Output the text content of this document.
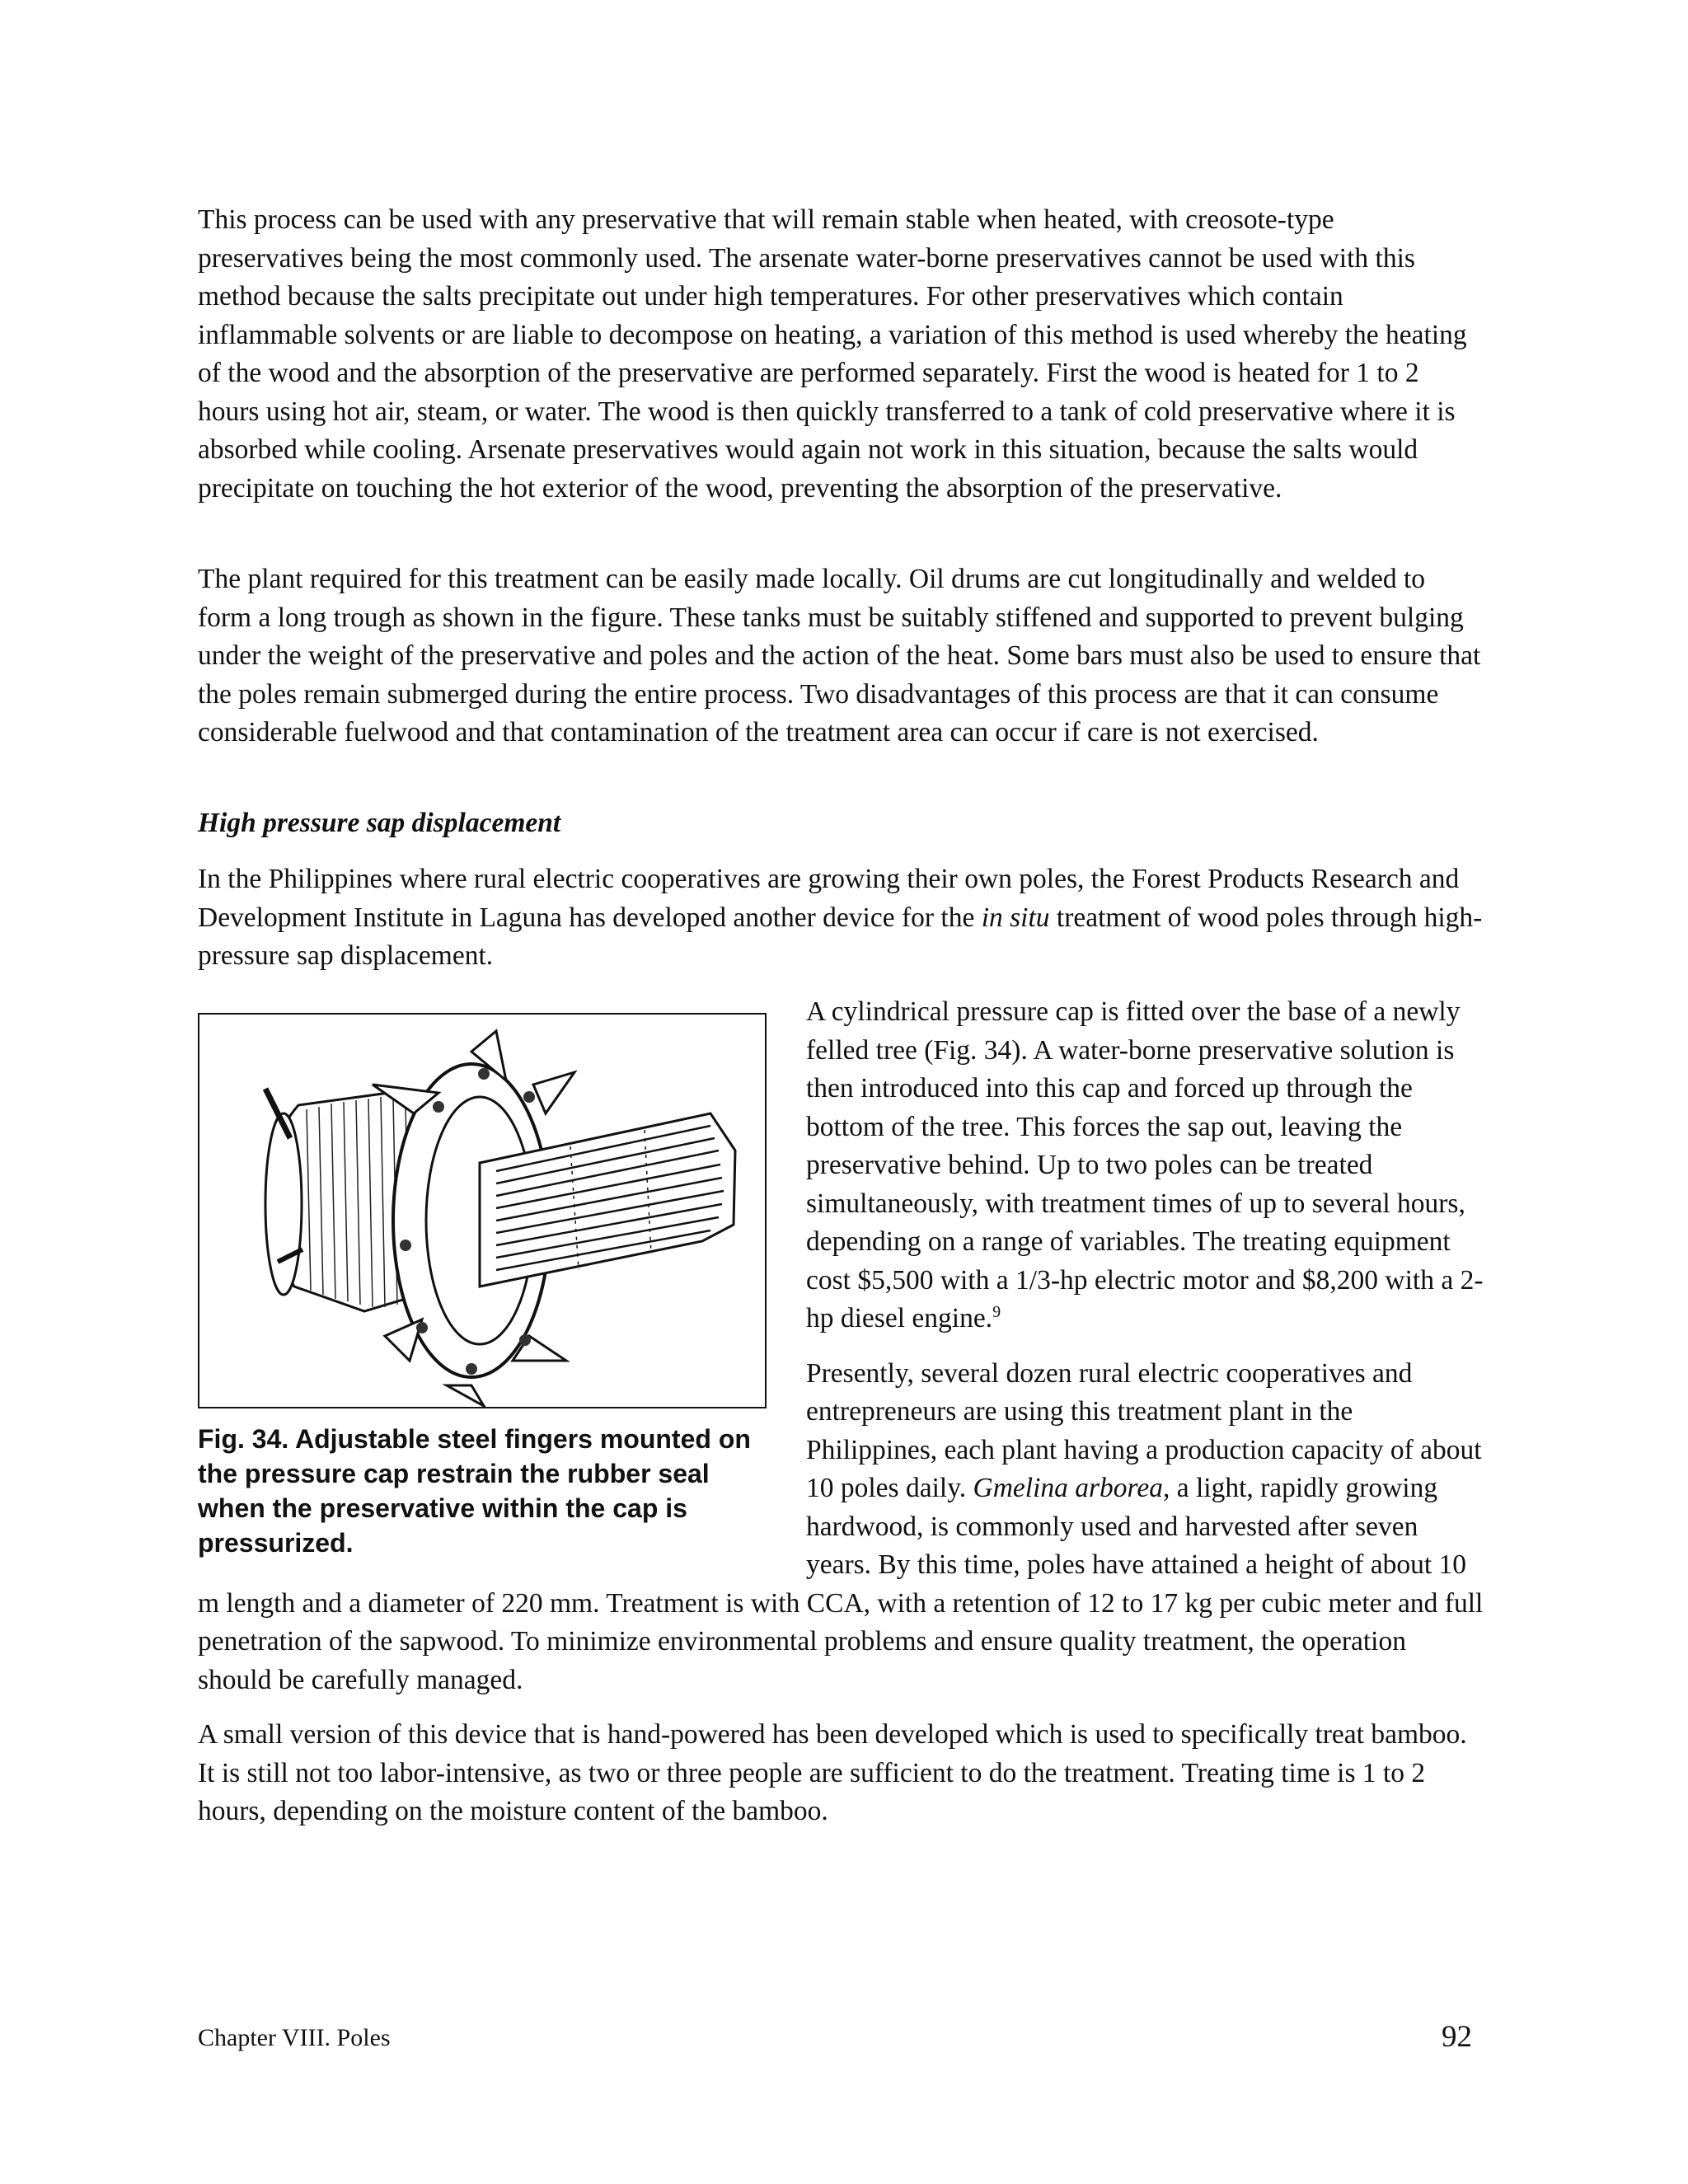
This process can be used with any preservative that will remain stable when heated, with creosote-type preservatives being the most commonly used. The arsenate water-borne preservatives cannot be used with this method because the salts precipitate out under high temperatures. For other preservatives which contain inflammable solvents or are liable to decompose on heating, a variation of this method is used whereby the heating of the wood and the absorption of the preservative are performed separately. First the wood is heated for 1 to 2 hours using hot air, steam, or water. The wood is then quickly transferred to a tank of cold preservative where it is absorbed while cooling. Arsenate preservatives would again not work in this situation, because the salts would precipitate on touching the hot exterior of the wood, preventing the absorption of the preservative.

The plant required for this treatment can be easily made locally. Oil drums are cut longitudinally and welded to form a long trough as shown in the figure. These tanks must be suitably stiffened and supported to prevent bulging under the weight of the preservative and poles and the action of the heat. Some bars must also be used to ensure that the poles remain submerged during the entire process. Two disadvantages of this process are that it can consume considerable fuelwood and that contamination of the treatment area can occur if care is not exercised.

High pressure sap displacement

In the Philippines where rural electric cooperatives are growing their own poles, the Forest Products Research and Development Institute in Laguna has developed another device for the in situ treatment of wood poles through high-pressure sap displacement.

Fig. 34. Adjustable steel fingers mounted on the pressure cap restrain the rubber seal when the preservative within the cap is pressurized.

A cylindrical pressure cap is fitted over the base of a newly felled tree (Fig. 34). A water-borne preservative solution is then introduced into this cap and forced up through the bottom of the tree. This forces the sap out, leaving the preservative behind. Up to two poles can be treated simultaneously, with treatment times of up to several hours, depending on a range of variables. The treating equipment cost $5,500 with a 1/3-hp electric motor and $8,200 with a 2-hp diesel engine.$^9$

Presently, several dozen rural electric cooperatives and entrepreneurs are using this treatment plant in the Philippines, each plant having a production capacity of about 10 poles daily. Gmelina arborea, a light, rapidly growing hardwood, is commonly used and harvested after seven years. By this time, poles have attained a height of about 10 m length and a diameter of 220 mm. Treatment is with CCA, with a retention of 12 to 17 kg per cubic meter and full penetration of the sapwood. To minimize environmental problems and ensure quality treatment, the operation should be carefully managed.

A small version of this device that is hand-powered has been developed which is used to specifically treat bamboo. It is still not too labor-intensive, as two or three people are sufficient to do the treatment. Treating time is 1 to 2 hours, depending on the moisture content of the bamboo.

Chapter VIII. Poles	92
